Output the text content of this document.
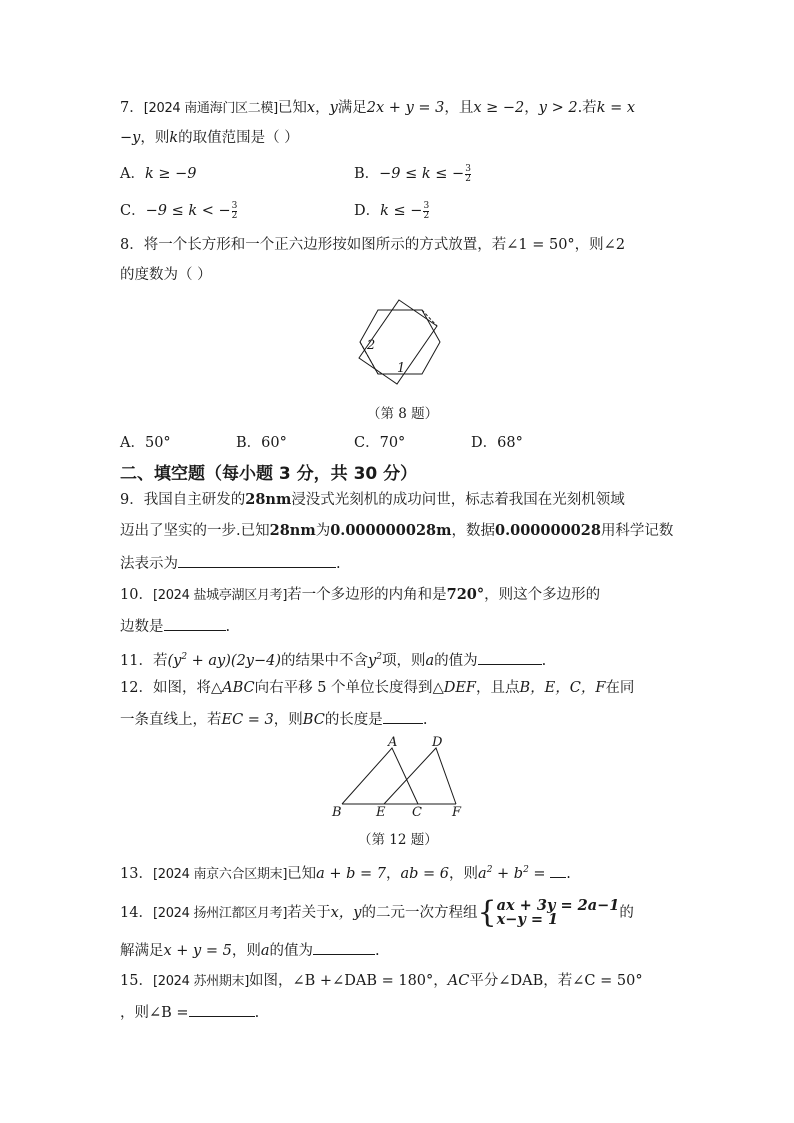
7．[2024 南通海门区二模]已知x，y满足2x + y = 3，且x ≥ −2，y > 2.若k = x
−y，则k的取值范围是（ ）
A．k ≥ −9	B．−9 ≤ k ≤ − $\frac{3}{2}$
C．−9 ≤ k < − $\frac{3}{2}$	D．k ≤ − $\frac{3}{2}$
8．将一个长方形和一个正六边形按如图所示的方式放置，若∠1 = 50°，则∠2
的度数为（ ）
2
1
（第 8 题）
A．50°	B．60°	C．70°	D．68°
二、填空题（每小题 3 分，共 30 分）
9．我国自主研发的28nm浸没式光刻机的成功问世，标志着我国在光刻机领域
迈出了坚实的一步.已知28nm为0.000000028m，数据0.000000028用科学记数
法表示为	.
10．[2024 盐城亭湖区月考]若一个多边形的内角和是720°，则这个多边形的
边数是	.
11．若$(y^2 + ay)(2y-4)$的结果中不含$y^2$项，则a的值为	.
12．如图，将△ABC向右平移 5 个单位长度得到△DEF，且点B，E，C，F在同
一条直线上，若EC = 3，则BC的长度是	.
A	D
B	E C F
（第 12 题）
13．[2024 南京六合区期末]已知a + b = 7，ab = 6，则$a^2 + b^2$ = .
14．[2024 扬州江都区月考]若关于x，y的二元一次方程组{ ax + 3y = 2a−1
x−y = 1	的
解满足x + y = 5，则a的值为	.
15．[2024 苏州期末]如图，∠B +∠DAB = 180°，AC平分∠DAB，若∠C = 50°
，则∠B =	.
